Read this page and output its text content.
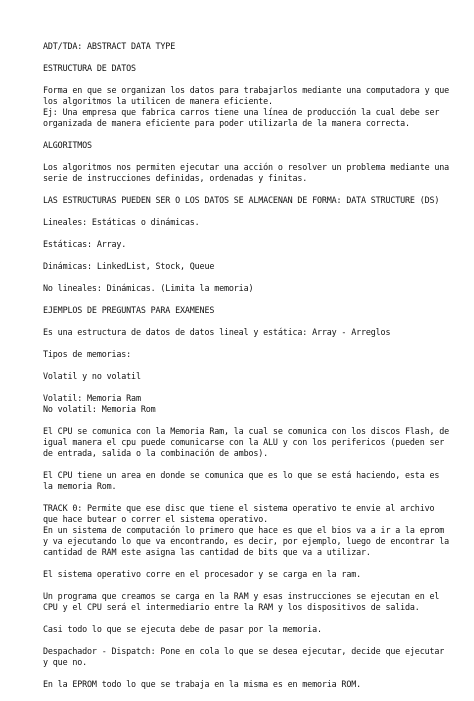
ADT/TDA: ABSTRACT DATA TYPE
ESTRUCTURA DE DATOS
Forma en que se organizan los datos para trabajarlos mediante una computadora y que
los algoritmos la utilicen de manera eficiente.
Ej: Una empresa que fabrica carros tiene una línea de producción la cual debe ser
organizada de manera eficiente para poder utilizarla de la manera correcta.
ALGORITMOS
Los algoritmos nos permiten ejecutar una acción o resolver un problema mediante una
serie de instrucciones definidas, ordenadas y finitas.
LAS ESTRUCTURAS PUEDEN SER O LOS DATOS SE ALMACENAN DE FORMA: DATA STRUCTURE (DS)
Lineales: Estáticas o dinámicas.
Estáticas: Array.
Dinámicas: LinkedList, Stock, Queue
No lineales: Dinámicas. (Limita la memoria)
EJEMPLOS DE PREGUNTAS PARA EXAMENES
Es una estructura de datos de datos lineal y estática: Array - Arreglos
Tipos de memorias:
Volatil y no volatil
Volatil: Memoria Ram
No volatil: Memoria Rom
El CPU se comunica con la Memoria Ram, la cual se comunica con los discos Flash, de
igual manera el cpu puede comunicarse con la ALU y con los perifericos (pueden ser
de entrada, salida o la combinación de ambos).
El CPU tiene un area en donde se comunica que es lo que se está haciendo, esta es
la memoria Rom.
TRACK 0: Permite que ese disc que tiene el sistema operativo te envie al archivo
que hace butear o correr el sistema operativo.
En un sistema de computación lo primero que hace es que el bios va a ir a la eprom
y va ejecutando lo que va encontrando, es decir, por ejemplo, luego de encontrar la
cantidad de RAM este asigna las cantidad de bits que va a utilizar.
El sistema operativo corre en el procesador y se carga en la ram.
Un programa que creamos se carga en la RAM y esas instrucciones se ejecutan en el
CPU y el CPU será el intermediario entre la RAM y los dispositivos de salida.
Casi todo lo que se ejecuta debe de pasar por la memoria.
Despachador - Dispatch: Pone en cola lo que se desea ejecutar, decide que ejecutar
y que no.
En la EPROM todo lo que se trabaja en la misma es en memoria ROM.
